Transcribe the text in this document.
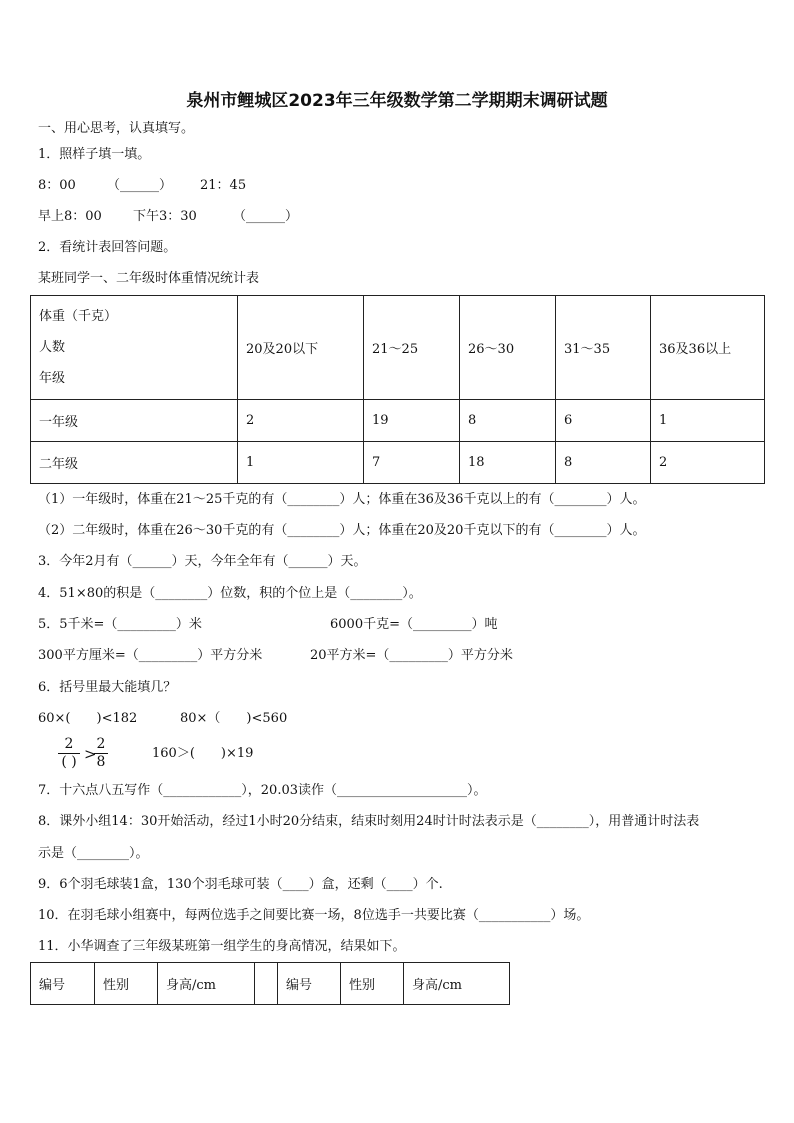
泉州市鲤城区2023年三年级数学第二学期期末调研试题
一、用心思考，认真填写。
1．照样子填一填。
8：00 （______） 21：45
早上8：00 下午3：30	（______）
2．看统计表回答问题。
某班同学一、二年级时体重情况统计表
体重（千克）
人数
年级	20及20以下	21～25	26～30	31～35	36及36以上
一年级	2	19	8	6	1
二年级	1	7	18	8	2
（1）一年级时，体重在21～25千克的有（________）人；体重在36及36千克以上的有（________）人。
（2）二年级时，体重在26～30千克的有（________）人；体重在20及20千克以下的有（________）人。
3．今年2月有（______）天，今年全年有（______）天。
4．51×80的积是（________）位数，积的个位上是（________）。
5．5千米=（_________）米	6000千克=（_________）吨
300平方厘米=（_________）平方分米	20平方米=（_________）平方分米
6．括号里最大能填几？
60×(　　)<182	80×（　　)<560
2
( ) >
2
8
160＞(　　)×19
7．十六点八五写作（____________），20.03读作（____________________）。
8．课外小组14：30开始活动，经过1小时20分结束，结束时刻用24时计时法表示是（________），用普通计时法表
示是（________）。
9．6个羽毛球装1盒，130个羽毛球可装（____）盒，还剩（____）个.
10．在羽毛球小组赛中，每两位选手之间要比赛一场，8位选手一共要比赛（___________）场。
11．小华调查了三年级某班第一组学生的身高情况，结果如下。
编号	性别	身高/cm		编号	性别	身高/cm
